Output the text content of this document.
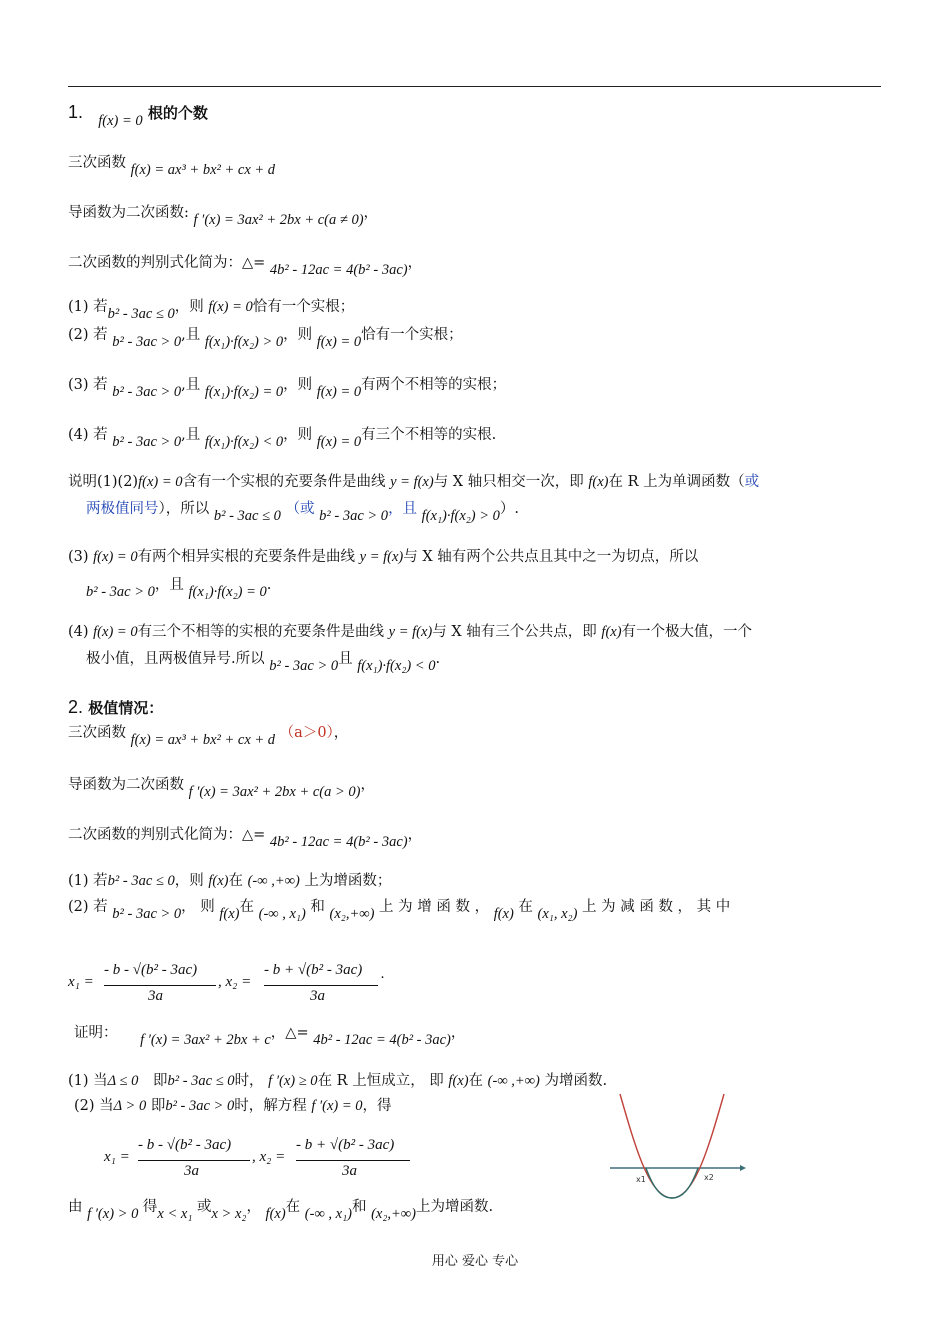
1. f(x) = 0 根的个数
三次函数 f(x) = ax³ + bx² + cx + d
导函数为二次函数: f ′(x) = 3ax² + 2bx + c(a ≠ 0)，
二次函数的判别式化简为：△= 4b² - 12ac = 4(b² - 3ac)，
(1) 若b² - 3ac ≤ 0，则 f(x) = 0恰有一个实根；
(2) 若 b² - 3ac > 0,且 f(x₁)·f(x₂) > 0，则 f(x) = 0恰有一个实根；
(3) 若 b² - 3ac > 0,且 f(x₁)·f(x₂) = 0，则 f(x) = 0有两个不相等的实根；
(4) 若 b² - 3ac > 0,且 f(x₁)·f(x₂) < 0，则 f(x) = 0有三个不相等的实根.
说明(1)(2)f(x) = 0含有一个实根的充要条件是曲线 y = f(x)与 X 轴只相交一次，即 f(x)在 R 上为单调函数（或
两极值同号），所以 b² - 3ac ≤ 0 （或 b² - 3ac > 0，且 f(x₁)·f(x₂) > 0）.
(3) f(x) = 0有两个相异实根的充要条件是曲线 y = f(x)与 X 轴有两个公共点且其中之一为切点，所以
b² - 3ac > 0，且 f(x₁)·f(x₂) = 0.
(4) f(x) = 0有三个不相等的实根的充要条件是曲线 y = f(x)与 X 轴有三个公共点，即 f(x)有一个极大值，一个
极小值，且两极值异号.所以 b² - 3ac > 0且 f(x₁)·f(x₂) < 0.
2. 极值情况：
三次函数 f(x) = ax³ + bx² + cx + d （a＞0），
导函数为二次函数 f ′(x) = 3ax² + 2bx + c(a > 0)，
二次函数的判别式化简为：△= 4b² - 12ac = 4(b² - 3ac)，
(1) 若b² - 3ac ≤ 0，则 f(x)在 (-∞ ,+∞) 上为增函数；
(2) 若 b² - 3ac > 0， 则 f(x)在 (-∞ , x₁) 和 (x₂,+∞) 上 为 增 函 数 ， f(x) 在 (x₁, x₂) 上 为 减 函 数 ， 其 中
x₁ =
- b - √(b² - 3ac)
3a
, x₂ =
- b + √(b² - 3ac)
3a
.
证明： f ′(x) = 3ax² + 2bx + c，△= 4b² - 12ac = 4(b² - 3ac)，
(1) 当Δ ≤ 0 即b² - 3ac ≤ 0时， f ′(x) ≥ 0在 R 上恒成立， 即 f(x)在 (-∞ ,+∞) 为增函数.
(2) 当Δ > 0 即b² - 3ac > 0时，解方程 f ′(x) = 0，得
x₁ =
- b - √(b² - 3ac)
3a
, x₂ =
- b + √(b² - 3ac)
3a
由 f ′(x) > 0 得x < x₁ 或x > x₂， f(x)在 (-∞ , x₁)和 (x₂,+∞)上为增函数.
x1	x2
用心 爱心 专心
